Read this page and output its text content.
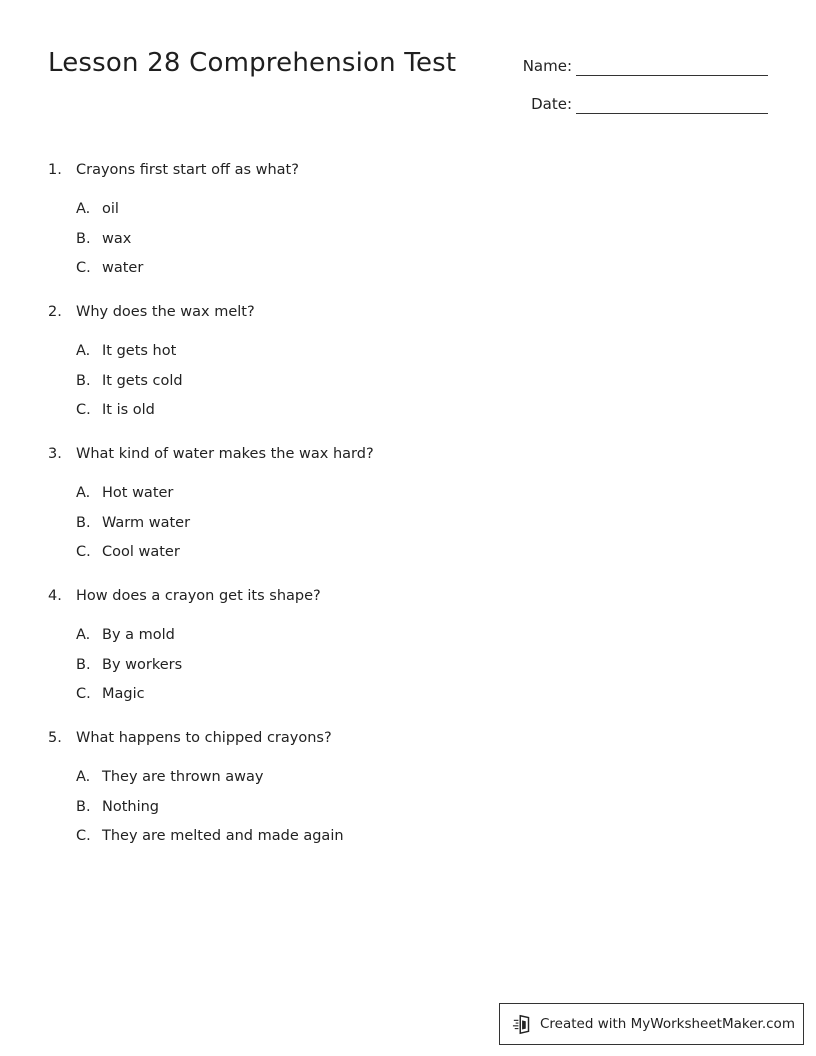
Lesson 28 Comprehension Test	Name:
Date:
1. Crayons first start off as what?
A. oil
B. wax
C. water
2. Why does the wax melt?
A. It gets hot
B. It gets cold
C. It is old
3. What kind of water makes the wax hard?
A. Hot water
B. Warm water
C. Cool water
4. How does a crayon get its shape?
A. By a mold
B. By workers
C. Magic
5. What happens to chipped crayons?
A. They are thrown away
B. Nothing
C. They are melted and made again
Created with MyWorksheetMaker.com
